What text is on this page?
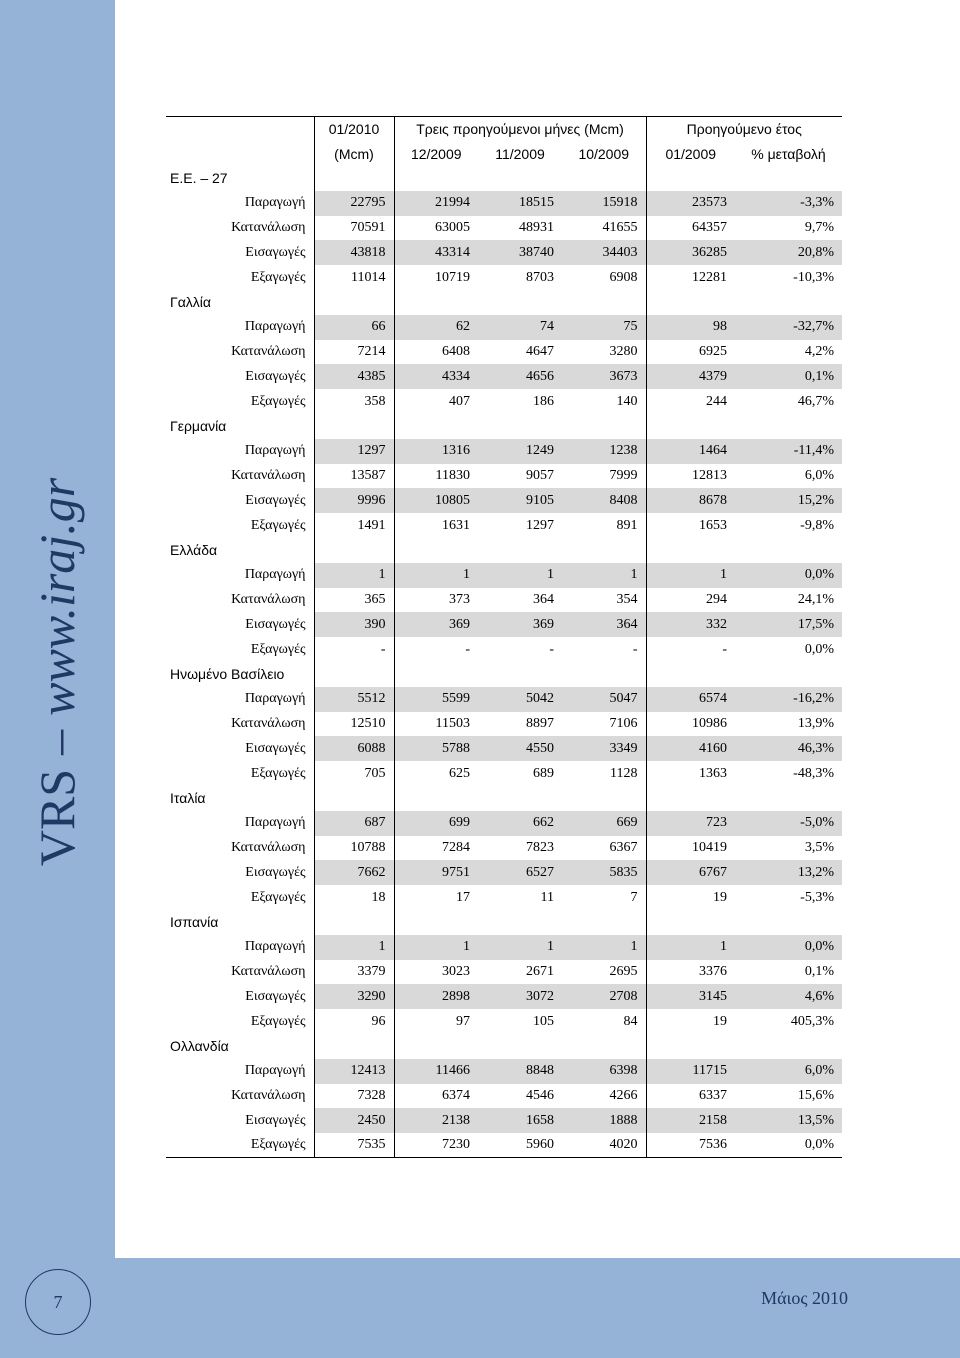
VRS–www.iraj.gr
7	Μάιος 2010
	01/2010	Τρεις προηγούμενοι μήνες (Mcm)			Προηγούμενο έτος	
	(Mcm)	12/2009	11/2009	10/2009	01/2009	% μεταβολή
Ε.Ε. – 27						
Παραγωγή	22795	21994	18515	15918	23573	-3,3%
Κατανάλωση	70591	63005	48931	41655	64357	9,7%
Εισαγωγές	43818	43314	38740	34403	36285	20,8%
Εξαγωγές	11014	10719	8703	6908	12281	-10,3%
Γαλλία						
Παραγωγή	66	62	74	75	98	-32,7%
Κατανάλωση	7214	6408	4647	3280	6925	4,2%
Εισαγωγές	4385	4334	4656	3673	4379	0,1%
Εξαγωγές	358	407	186	140	244	46,7%
Γερμανία						
Παραγωγή	1297	1316	1249	1238	1464	-11,4%
Κατανάλωση	13587	11830	9057	7999	12813	6,0%
Εισαγωγές	9996	10805	9105	8408	8678	15,2%
Εξαγωγές	1491	1631	1297	891	1653	-9,8%
Ελλάδα						
Παραγωγή	1	1	1	1	1	0,0%
Κατανάλωση	365	373	364	354	294	24,1%
Εισαγωγές	390	369	369	364	332	17,5%
Εξαγωγές	-	-	-	-	-	0,0%
Ηνωμένο Βασίλειο						
Παραγωγή	5512	5599	5042	5047	6574	-16,2%
Κατανάλωση	12510	11503	8897	7106	10986	13,9%
Εισαγωγές	6088	5788	4550	3349	4160	46,3%
Εξαγωγές	705	625	689	1128	1363	-48,3%
Ιταλία						
Παραγωγή	687	699	662	669	723	-5,0%
Κατανάλωση	10788	7284	7823	6367	10419	3,5%
Εισαγωγές	7662	9751	6527	5835	6767	13,2%
Εξαγωγές	18	17	11	7	19	-5,3%
Ισπανία						
Παραγωγή	1	1	1	1	1	0,0%
Κατανάλωση	3379	3023	2671	2695	3376	0,1%
Εισαγωγές	3290	2898	3072	2708	3145	4,6%
Εξαγωγές	96	97	105	84	19	405,3%
Ολλανδία						
Παραγωγή	12413	11466	8848	6398	11715	6,0%
Κατανάλωση	7328	6374	4546	4266	6337	15,6%
Εισαγωγές	2450	2138	1658	1888	2158	13,5%
Εξαγωγές	7535	7230	5960	4020	7536	0,0%
